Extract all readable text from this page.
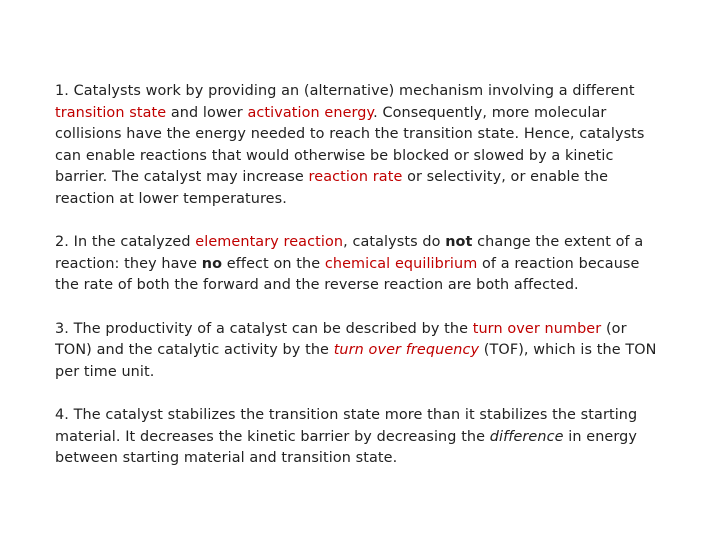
1. Catalysts work by providing an (alternative) mechanism involving a different transition state and lower activation energy. Consequently, more molecular collisions have the energy needed to reach the transition state. Hence, catalysts can enable reactions that would otherwise be blocked or slowed by a kinetic barrier. The catalyst may increase reaction rate or selectivity, or enable the reaction at lower temperatures.

2. In the catalyzed elementary reaction, catalysts do not change the extent of a reaction: they have no effect on the chemical equilibrium of a reaction because the rate of both the forward and the reverse reaction are both affected.

3. The productivity of a catalyst can be described by the turn over number (or TON) and the catalytic activity by the turn over frequency (TOF), which is the TON per time unit.

4. The catalyst stabilizes the transition state more than it stabilizes the starting material. It decreases the kinetic barrier by decreasing the difference in energy between starting material and transition state.
